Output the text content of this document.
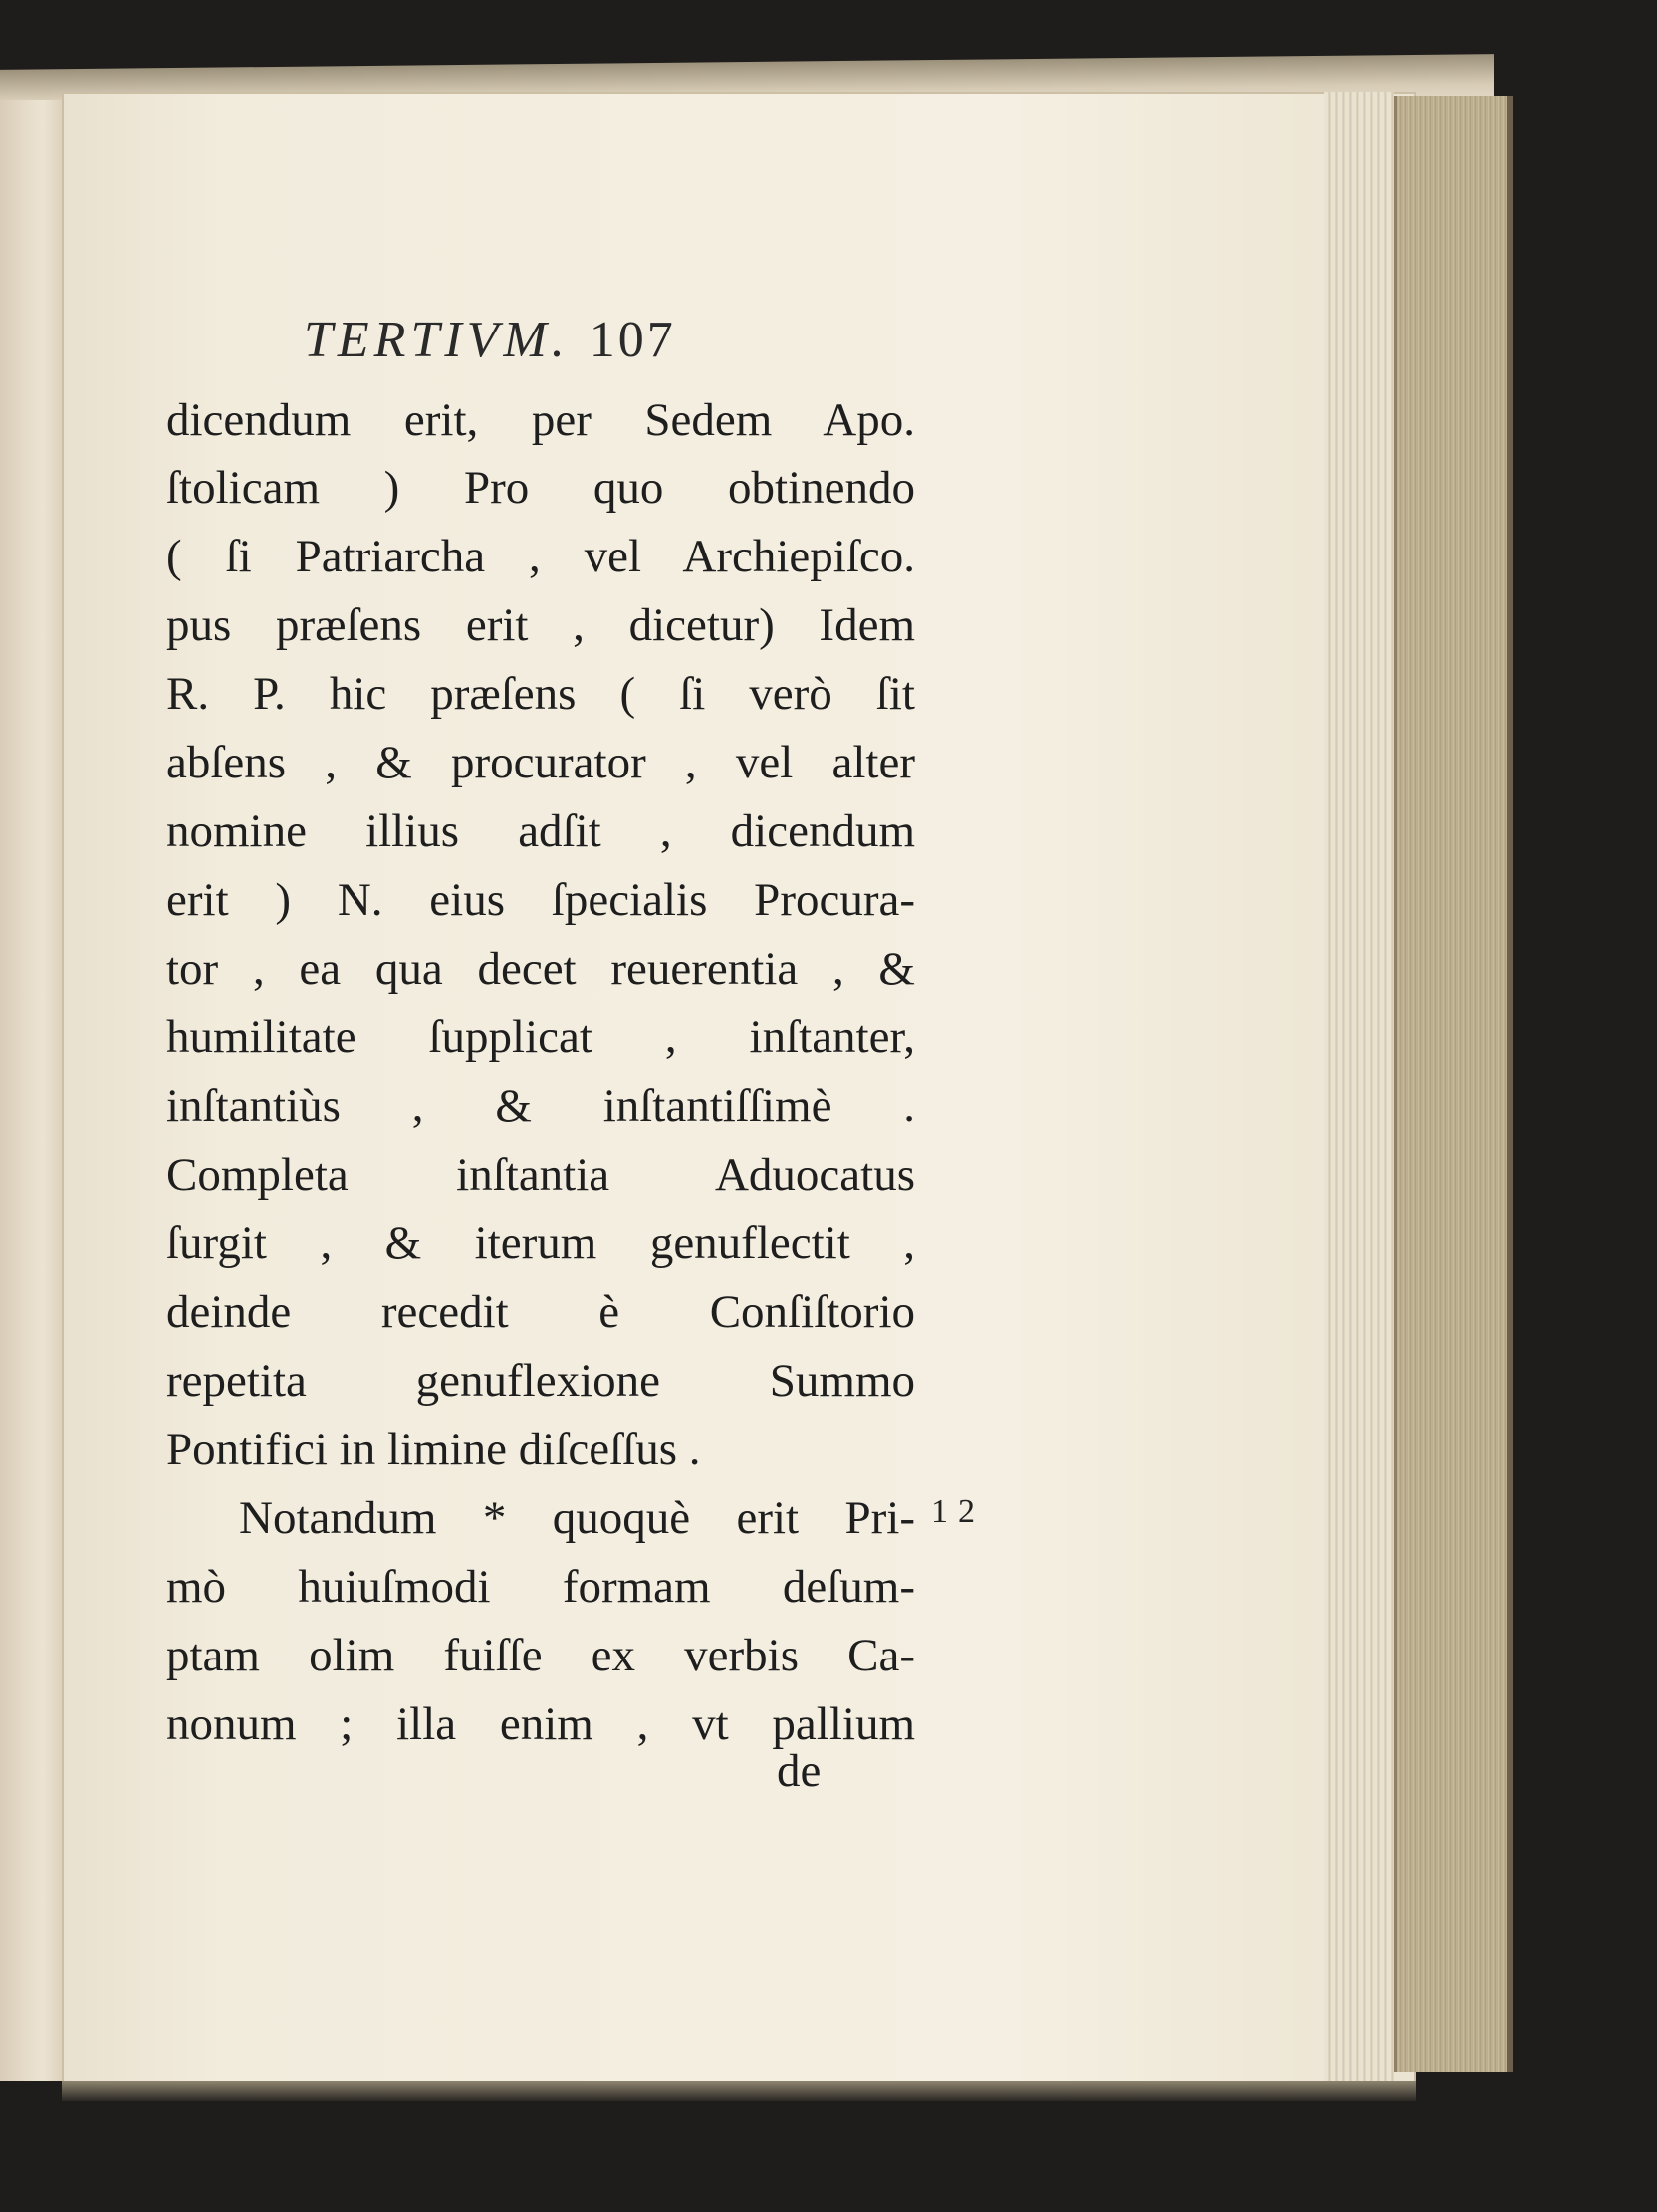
TERTIVM. 107
dicendum erit, per Sedem Apo.
ſtolicam ) Pro quo obtinendo
( ſi Patriarcha , vel Archiepiſco.
pus præſens erit , dicetur) Idem
R. P. hic præſens ( ſi verò ſit
abſens , & procurator , vel alter
nomine illius adſit , dicendum
erit ) N. eius ſpecialis Procura-
tor , ea qua decet reuerentia , &
humilitate ſupplicat , inſtanter,
inſtantiùs , & inſtantiſſimè .
Completa inſtantia Aduocatus
ſurgit , & iterum genuflectit ,
deinde recedit è Conſiſtorio
repetita genuflexione Summo
Pontifici in limine diſceſſus .
Notandum * quoquè erit Pri-
mò huiuſmodi formam deſum-
ptam olim fuiſſe ex verbis Ca-
nonum ; illa enim , vt pallium
12
de
